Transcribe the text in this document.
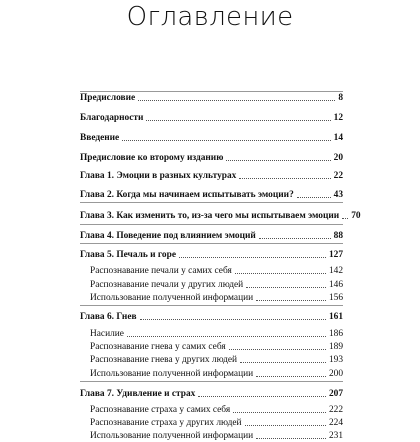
Оглавление
Предисловие	8
Благодарности	12
Введение	14
Предисловие ко второму изданию	20
Глава 1. Эмоции в разных культурах	22
Глава 2. Когда мы начинаем испытывать эмоции?	43
Глава 3. Как изменить то, из-за чего мы испытываем эмоции 70
Глава 4. Поведение под влиянием эмоций	88
Глава 5. Печаль и горе	127
Распознавание печали у самих себя	142
Распознавание печали у других людей	146
Использование полученной информации	156
Глава 6. Гнев	161
Насилие	186
Распознавание гнева у самих себя	189
Распознавание гнева у других людей	193
Использование полученной информации	200
Глава 7. Удивление и страх	207
Распознавание страха у самих себя	222
Распознавание страха у других людей	224
Использование полученной информации	231
